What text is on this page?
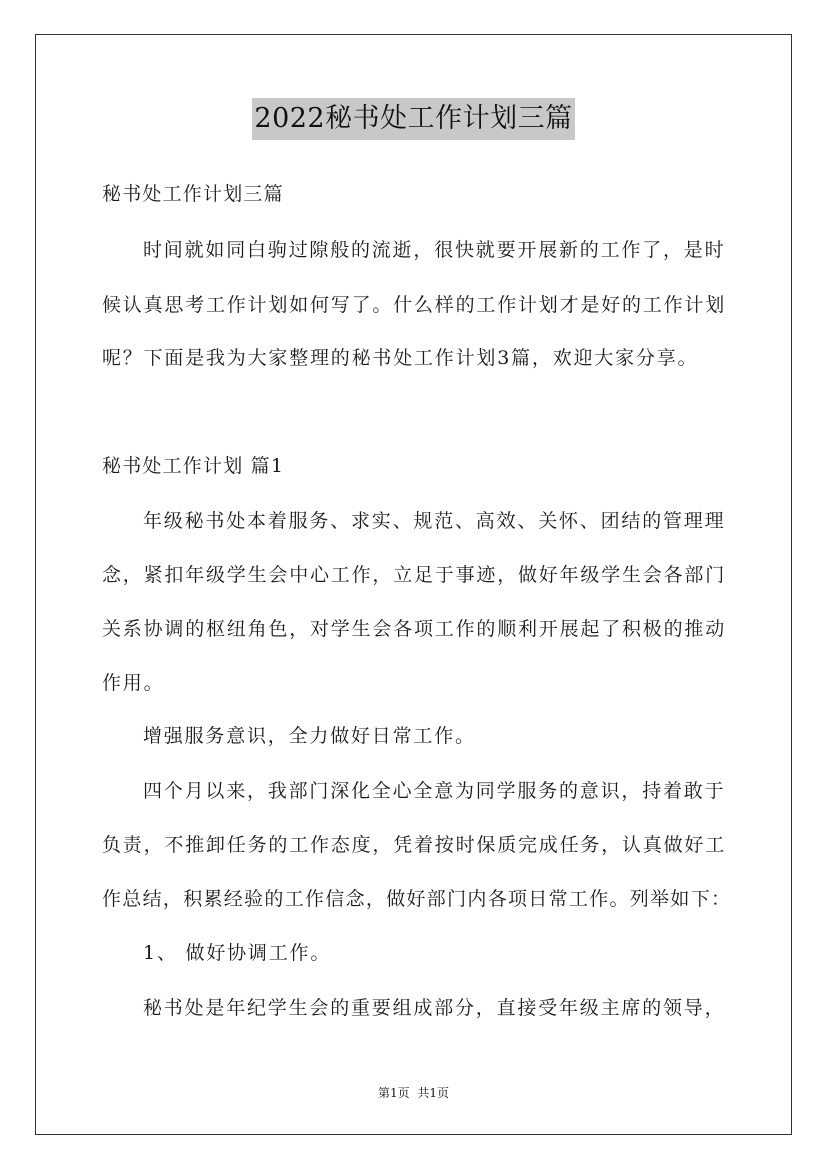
2022秘书处工作计划三篇
秘书处工作计划三篇
时间就如同白驹过隙般的流逝，很快就要开展新的工作了，是时
候认真思考工作计划如何写了。什么样的工作计划才是好的工作计划
呢？下面是我为大家整理的秘书处工作计划3篇，欢迎大家分享。
秘书处工作计划 篇1
年级秘书处本着服务、求实、规范、高效、关怀、团结的管理理
念，紧扣年级学生会中心工作，立足于事迹，做好年级学生会各部门
关系协调的枢纽角色，对学生会各项工作的顺利开展起了积极的推动
作用。
增强服务意识，全力做好日常工作。
四个月以来，我部门深化全心全意为同学服务的意识，持着敢于
负责，不推卸任务的工作态度，凭着按时保质完成任务，认真做好工
作总结，积累经验的工作信念，做好部门内各项日常工作。列举如下：
1、 做好协调工作。
秘书处是年纪学生会的重要组成部分，直接受年级主席的领导，
第1页 共1页
